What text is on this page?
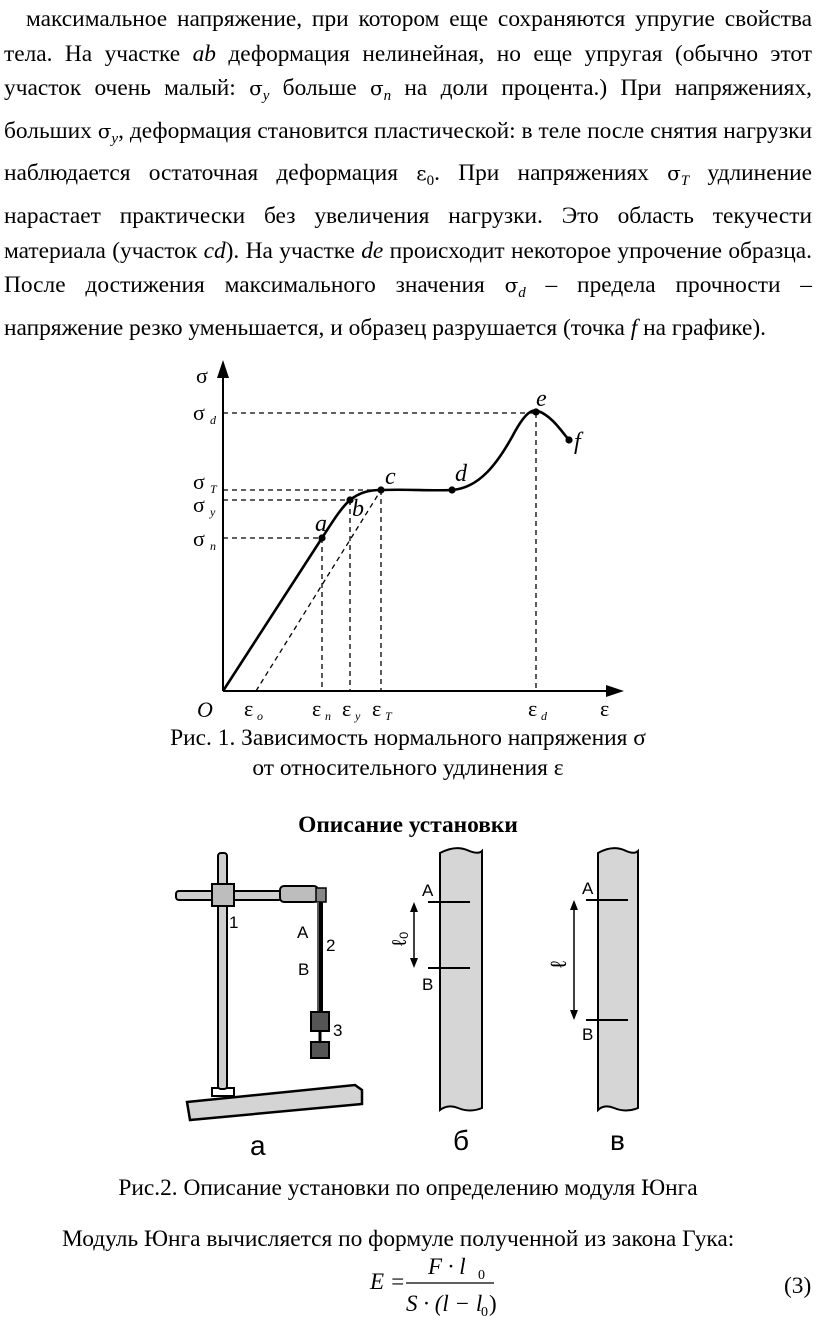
максимальное напряжение, при котором еще сохраняются упругие свойства тела. На участке ab деформация нелинейная, но еще упругая (обычно этот участок очень малый: $\sigma_y$ больше $\sigma_n$ на доли процента.) При напряжениях, больших $\sigma_y$, деформация становится пластической: в теле после снятия нагрузки наблюдается остаточная деформация $\varepsilon_0$. При напряжениях $\sigma_T$ удлинение нарастает практически без увеличения нагрузки. Это область текучести материала (участок cd). На участке de происходит некоторое упрочение образца. После достижения максимального значения $\sigma_d$ – предела прочности – напряжение резко уменьшается, и образец разрушается (точка f на графике).
σ
ε
O
σ d
σ T
σ y
σ n
ε o ε n ε y ε T	ε d
a
b
c d
e
f
1
2
3
A
B
а
A
B
ℓ₀
б
A
B
ℓ
в
E =
F · l 0
S · (l − l
0 )
Рис. 1. Зависимость нормального напряжения σ
от относительного удлинения ε
Описание установки
Рис.2. Описание установки по определению модуля Юнга
Модуль Юнга вычисляется по формуле полученной из закона Гука:
(3)
